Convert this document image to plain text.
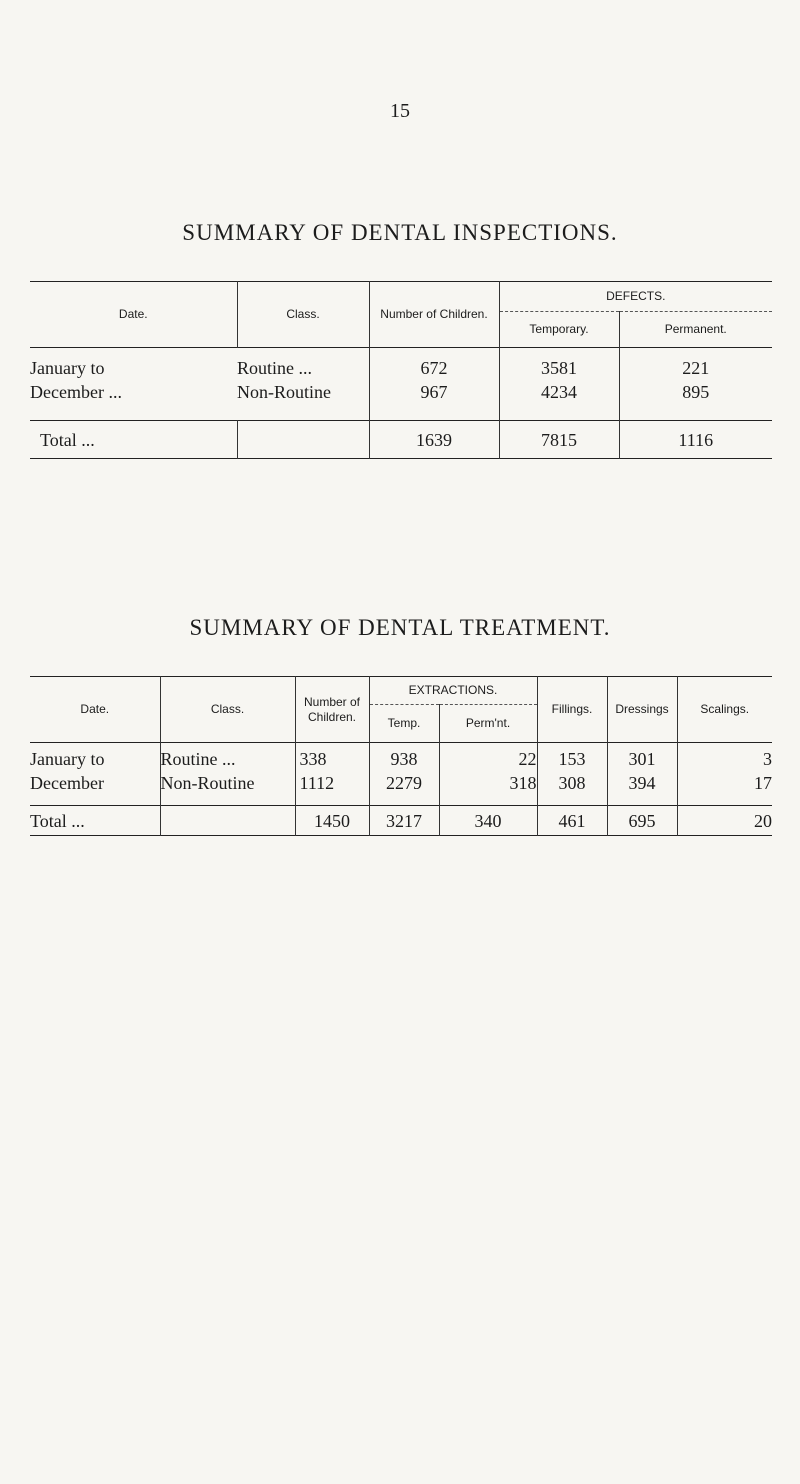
15
SUMMARY OF DENTAL INSPECTIONS.
Date.	Class.	Number of Children.	DEFECTS.	
			Temporary.	Permanent.
January to	Routine ...	672	3581	221
December ...	Non-Routine	967	4234	895
Total ...		1639	7815	1116
SUMMARY OF DENTAL TREATMENT.
Date.	Class.	Number of Children.	EXTRACTIONS.		Fillings.	Dressings	Scalings.
			Temp.	Perm'nt.			
January to	Routine ...	338	938	22	153	301	3
December	Non-Routine	1112	2279	318	308	394	17
Total ...		1450	3217	340	461	695	20
